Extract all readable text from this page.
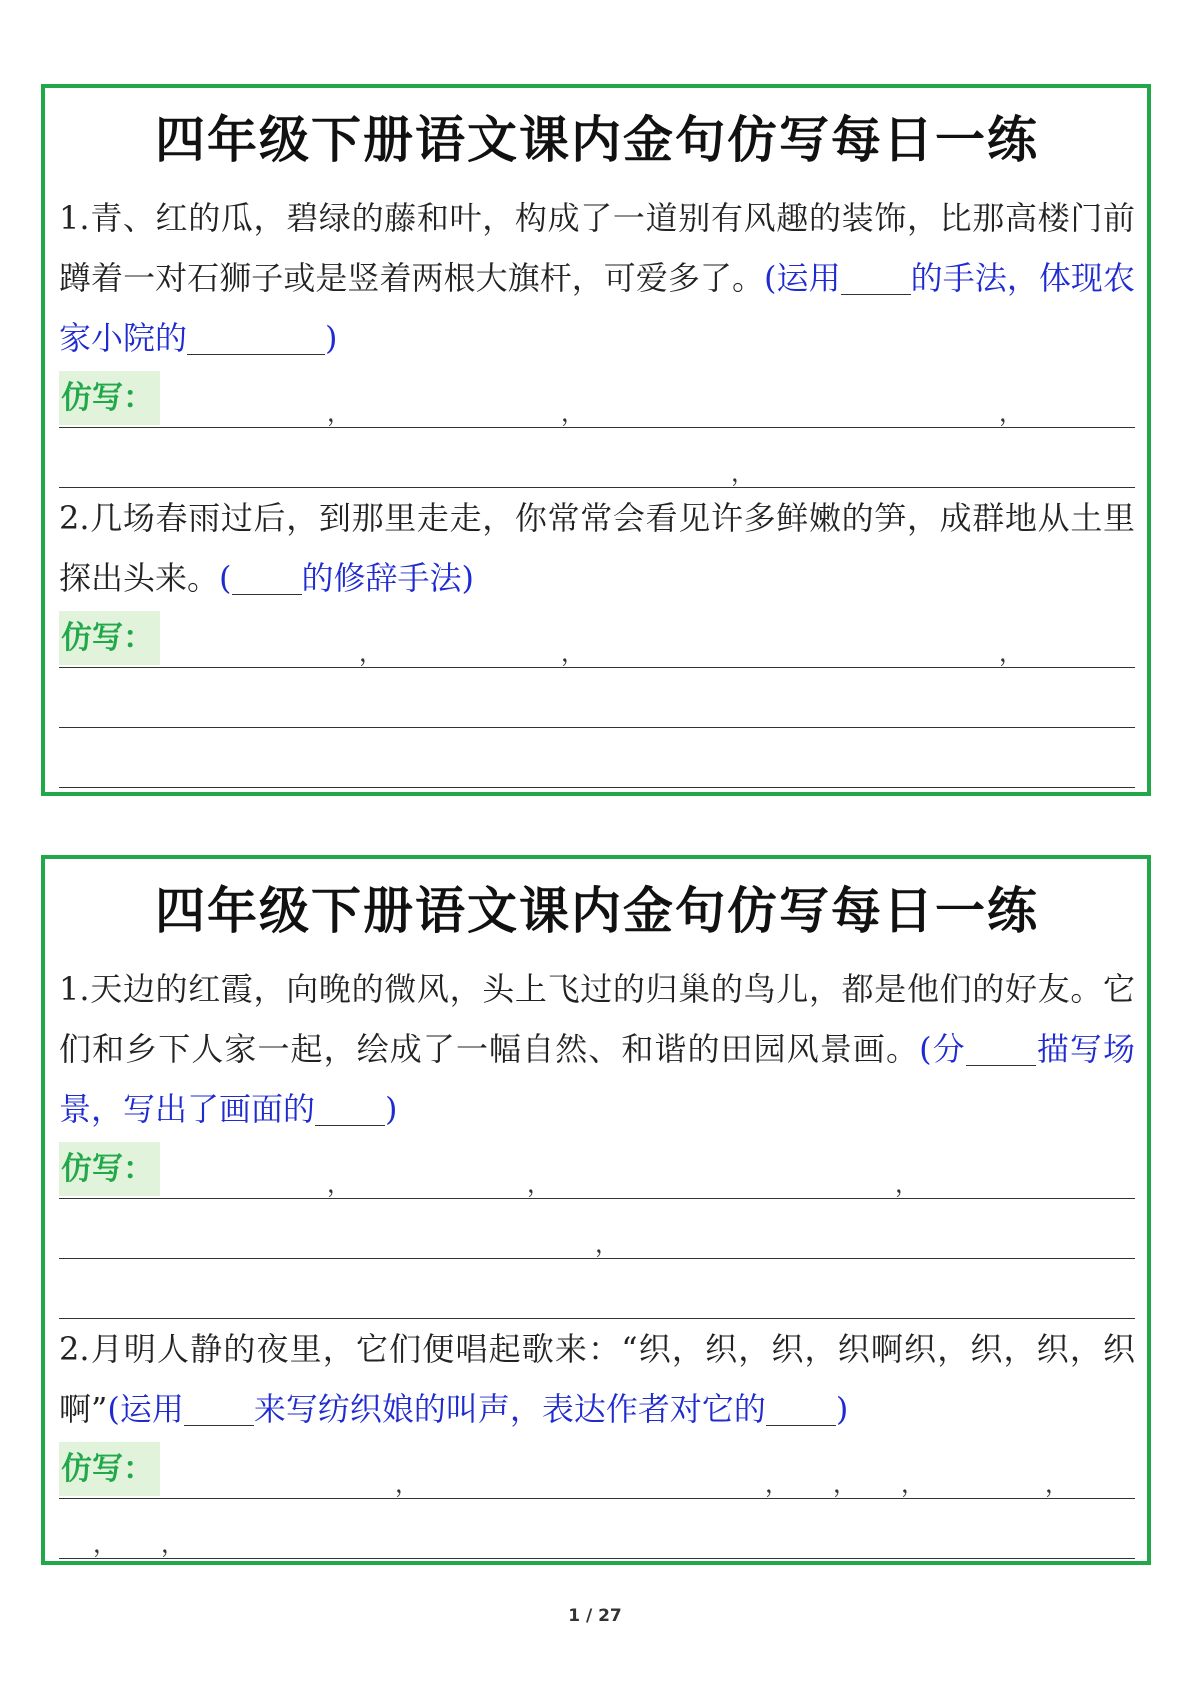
四年级下册语文课内金句仿写每日一练

1.青、红的瓜，碧绿的藤和叶，构成了一道别有风趣的装饰，比那高楼门前蹲着一对石狮子或是竖着两根大旗杆，可爱多了。(运用 的手法，体现农家小院的	)

仿写：	，	，	，
，

2.几场春雨过后，到那里走走，你常常会看见许多鲜嫩的笋，成群地从土里探出头来。( 的修辞手法)

仿写：	，	，	，
四年级下册语文课内金句仿写每日一练

1.天边的红霞，向晚的微风，头上飞过的归巢的鸟儿，都是他们的好友。它们和乡下人家一起，绘成了一幅自然、和谐的田园风景画。(分 描写场景，写出了画面的 )

仿写：	，	，	，
，

2.月明人静的夜里，它们便唱起歌来：“织，织，织，织啊织，织，织，织啊”(运用 来写纺织娘的叫声，表达作者对它的 )

仿写：	，	， ， ，	，
， ，
1 / 27
